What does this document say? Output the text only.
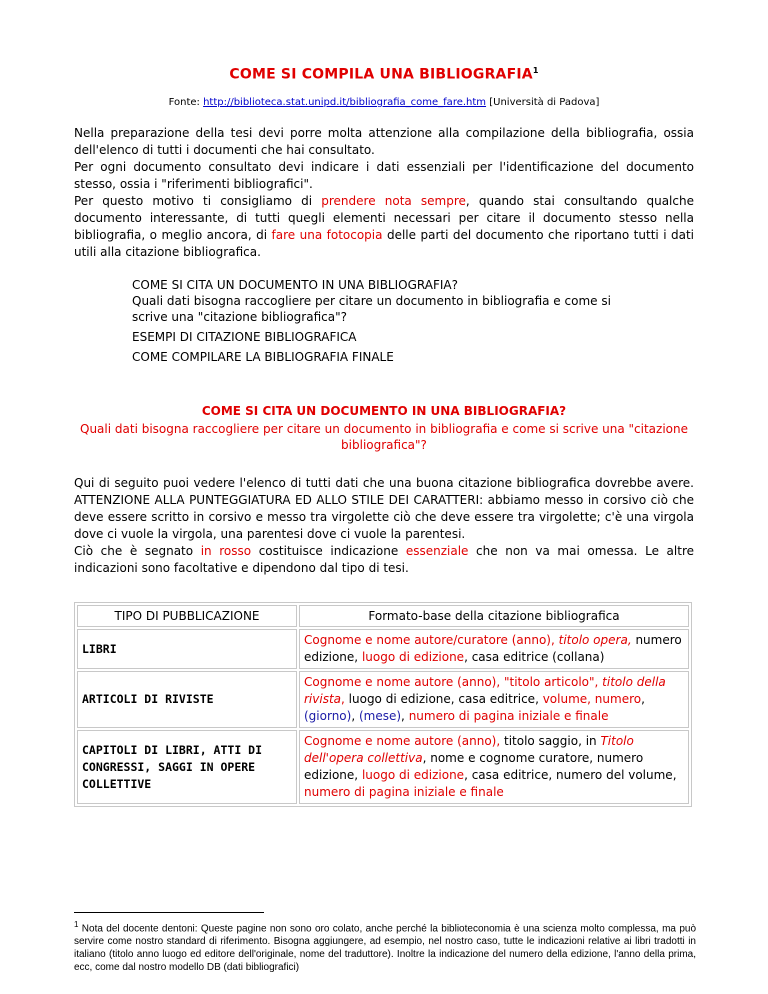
COME SI COMPILA UNA BIBLIOGRAFIA$^1$
Fonte: http://biblioteca.stat.unipd.it/bibliografia_come_fare.htm [Università di Padova]

Nella preparazione della tesi devi porre molta attenzione alla compilazione della bibliografia, ossia dell'elenco di tutti i documenti che hai consultato.

Per ogni documento consultato devi indicare i dati essenziali per l'identificazione del documento stesso, ossia i "riferimenti bibliografici".

Per questo motivo ti consigliamo di prendere nota sempre, quando stai consultando qualche documento interessante, di tutti quegli elementi necessari per citare il documento stesso nella bibliografia, o meglio ancora, di fare una fotocopia delle parti del documento che riportano tutti i dati utili alla citazione bibliografica.

COME SI CITA UN DOCUMENTO IN UNA BIBLIOGRAFIA?
Quali dati bisogna raccogliere per citare un documento in bibliografia e come si scrive una "citazione bibliografica"?
ESEMPI DI CITAZIONE BIBLIOGRAFICA
COME COMPILARE LA BIBLIOGRAFIA FINALE
COME SI CITA UN DOCUMENTO IN UNA BIBLIOGRAFIA?
Quali dati bisogna raccogliere per citare un documento in bibliografia e come si scrive una "citazione bibliografica"?

Qui di seguito puoi vedere l'elenco di tutti dati che una buona citazione bibliografica dovrebbe avere. ATTENZIONE ALLA PUNTEGGIATURA ED ALLO STILE DEI CARATTERI: abbiamo messo in corsivo ciò che deve essere scritto in corsivo e messo tra virgolette ciò che deve essere tra virgolette; c'è una virgola dove ci vuole la virgola, una parentesi dove ci vuole la parentesi.

Ciò che è segnato in rosso costituisce indicazione essenziale che non va mai omessa. Le altre indicazioni sono facoltative e dipendono dal tipo di tesi.

TIPO DI PUBBLICAZIONE	Formato-base della citazione bibliografica
LIBRI	Cognome e nome autore/curatore (anno), titolo opera, numero edizione, luogo di edizione, casa editrice (collana)
ARTICOLI DI RIVISTE	Cognome e nome autore (anno), "titolo articolo", titolo della rivista, luogo di edizione, casa editrice, volume, numero, (giorno), (mese), numero di pagina iniziale e finale
CAPITOLI DI LIBRI, ATTI DI CONGRESSI, SAGGI IN OPERE COLLETTIVE	Cognome e nome autore (anno), titolo saggio, in Titolo dell'opera collettiva, nome e cognome curatore, numero edizione, luogo di edizione, casa editrice, numero del volume, numero di pagina iniziale e finale
$^1$ Nota del docente dentoni: Queste pagine non sono oro colato, anche perché la biblioteconomia è una scienza molto complessa, ma può servire come nostro standard di riferimento. Bisogna aggiungere, ad esempio, nel nostro caso, tutte le indicazioni relative ai libri tradotti in italiano (titolo anno luogo ed editore dell'originale, nome del traduttore). Inoltre la indicazione del numero della edizione, l'anno della prima, ecc, come dal nostro modello DB (dati bibliografici)
